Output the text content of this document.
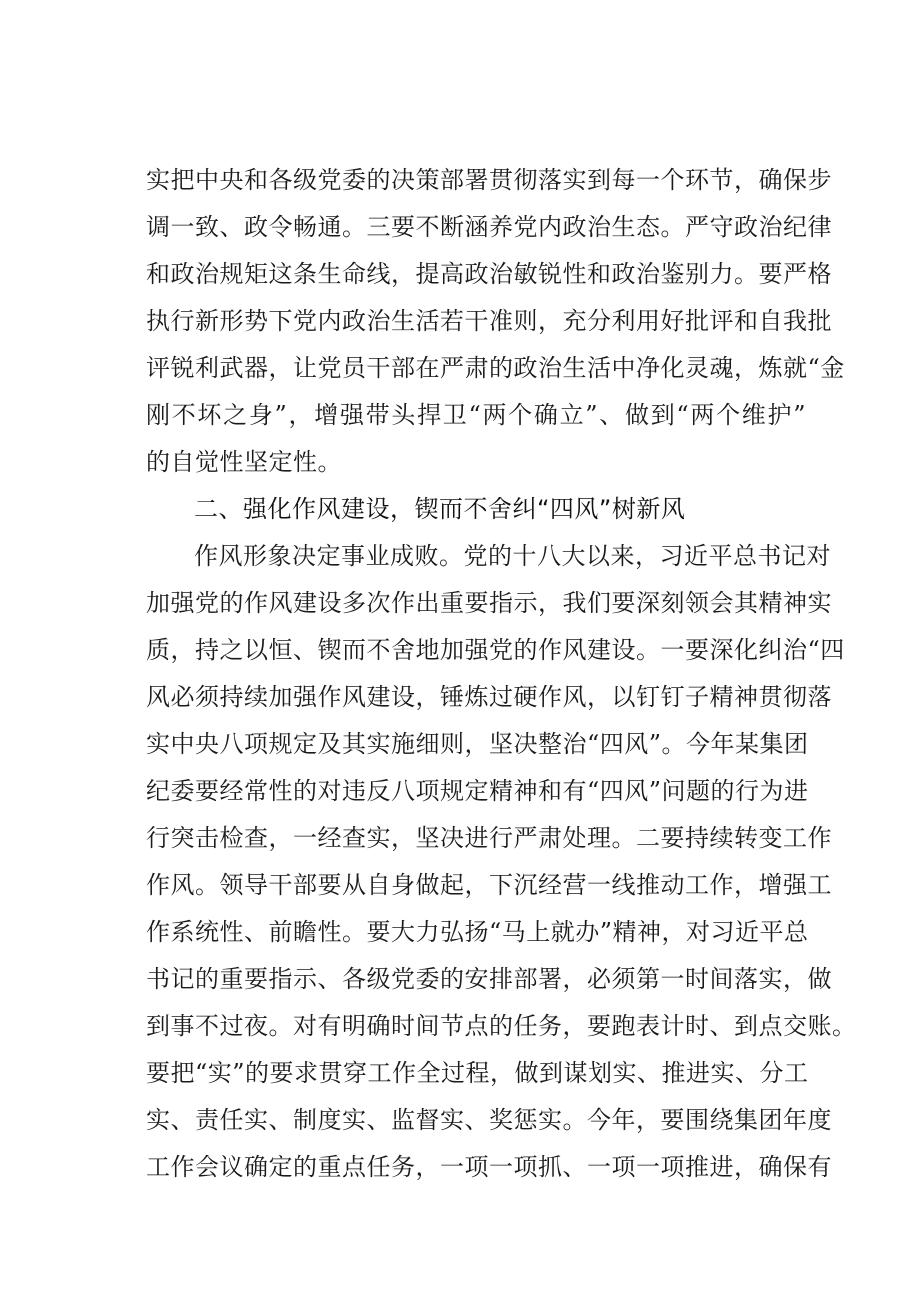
实把中央和各级党委的决策部署贯彻落实到每一个环节，确保步
调一致、政令畅通。三要不断涵养党内政治生态。严守政治纪律
和政治规矩这条生命线，提高政治敏锐性和政治鉴别力。要严格
执行新形势下党内政治生活若干准则，充分利用好批评和自我批
评锐利武器，让党员干部在严肃的政治生活中净化灵魂，炼就“金
刚不坏之身”，增强带头捍卫“两个确立”、做到“两个维护”
的自觉性坚定性。
二、强化作风建设，锲而不舍纠“四风”树新风
作风形象决定事业成败。党的十八大以来，习近平总书记对
加强党的作风建设多次作出重要指示，我们要深刻领会其精神实
质，持之以恒、锲而不舍地加强党的作风建设。一要深化纠治“四
风必须持续加强作风建设，锤炼过硬作风，以钉钉子精神贯彻落
实中央八项规定及其实施细则，坚决整治“四风”。今年某集团
纪委要经常性的对违反八项规定精神和有“四风”问题的行为进
行突击检查，一经查实，坚决进行严肃处理。二要持续转变工作
作风。领导干部要从自身做起，下沉经营一线推动工作，增强工
作系统性、前瞻性。要大力弘扬“马上就办”精神，对习近平总
书记的重要指示、各级党委的安排部署，必须第一时间落实，做
到事不过夜。对有明确时间节点的任务，要跑表计时、到点交账。
要把“实”的要求贯穿工作全过程，做到谋划实、推进实、分工
实、责任实、制度实、监督实、奖惩实。今年，要围绕集团年度
工作会议确定的重点任务，一项一项抓、一项一项推进，确保有
